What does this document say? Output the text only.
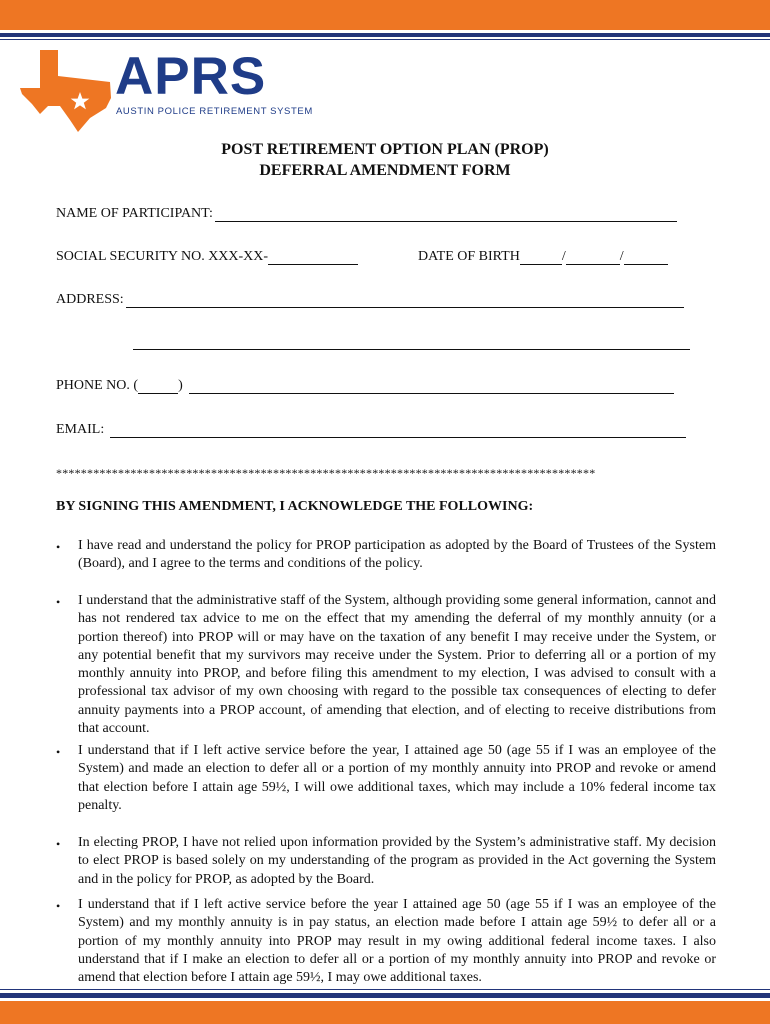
APRS
AUSTIN POLICE RETIREMENT SYSTEM
POST RETIREMENT OPTION PLAN (PROP)
DEFERRAL AMENDMENT FORM
NAME OF PARTICIPANT:
SOCIAL SECURITY NO. XXX-XX-	DATE OF BIRTH	/	/
ADDRESS:
PHONE NO. (	)
EMAIL:
***************************************************************************************
BY SIGNING THIS AMENDMENT, I ACKNOWLEDGE THE FOLLOWING:
•	I have read and understand the policy for PROP participation as adopted by the Board of Trustees of the System (Board), and I agree to the terms and conditions of the policy.
•	I understand that the administrative staff of the System, although providing some general information, cannot and has not rendered tax advice to me on the effect that my amending the deferral of my monthly annuity (or a portion thereof) into PROP will or may have on the taxation of any benefit I may receive under the System, or any potential benefit that my survivors may receive under the System. Prior to deferring all or a portion of my monthly annuity into PROP, and before filing this amendment to my election, I was advised to consult with a professional tax advisor of my own choosing with regard to the possible tax consequences of electing to defer annuity payments into a PROP account, of amending that election, and of electing to receive distributions from that account.
•	I understand that if I left active service before the year, I attained age 50 (age 55 if I was an employee of the System) and made an election to defer all or a portion of my monthly annuity into PROP and revoke or amend that election before I attain age 59½, I will owe additional taxes, which may include a 10% federal income tax penalty.
•	In electing PROP, I have not relied upon information provided by the System’s administrative staff. My decision to elect PROP is based solely on my understanding of the program as provided in the Act governing the System and in the policy for PROP, as adopted by the Board.
•	I understand that if I left active service before the year I attained age 50 (age 55 if I was an employee of the System) and my monthly annuity is in pay status, an election made before I attain age 59½ to defer all or a portion of my monthly annuity into PROP may result in my owing additional federal income taxes. I also understand that if I make an election to defer all or a portion of my monthly annuity into PROP and revoke or amend that election before I attain age 59½, I may owe additional taxes.
